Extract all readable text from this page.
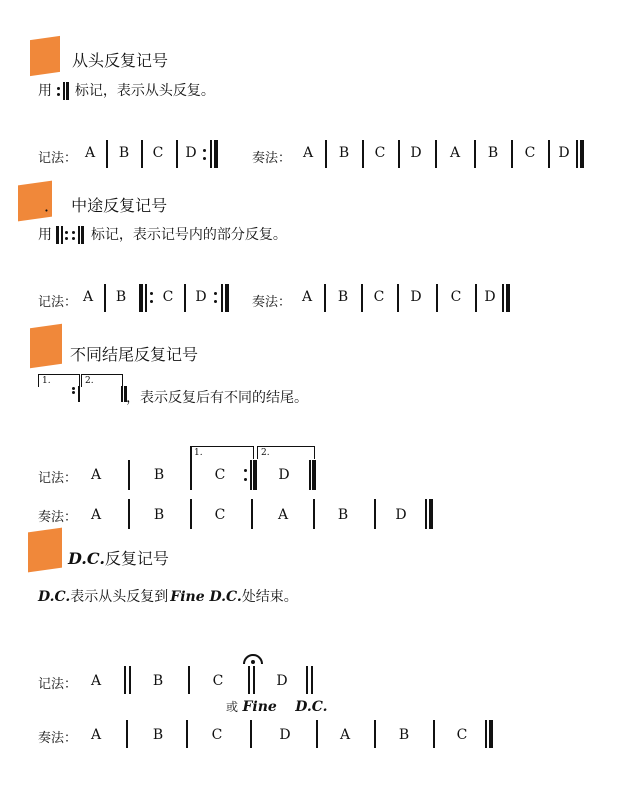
从头反复记号
用 标记，表示从头反复。
记法： A	B	C	D	奏法： A	B	C	D	A	B	C	D
． 中途反复记号
用	标记，表示记号内的部分反复。
记法： A	B	C	D	奏法： A	B	C	D	C	D
不同结尾反复记号
1.	2.
，表示反复后有不同的结尾。
记法： A	B
1.
C
2.
D
奏法： A	B	C	A	B	D
D.C.反复记号
D.C.表示从头反复到 Fine D.C.处结束。
记法： A	B	C	D
或 Fine D.C.
奏法： A	B	C	D	A	B	C
